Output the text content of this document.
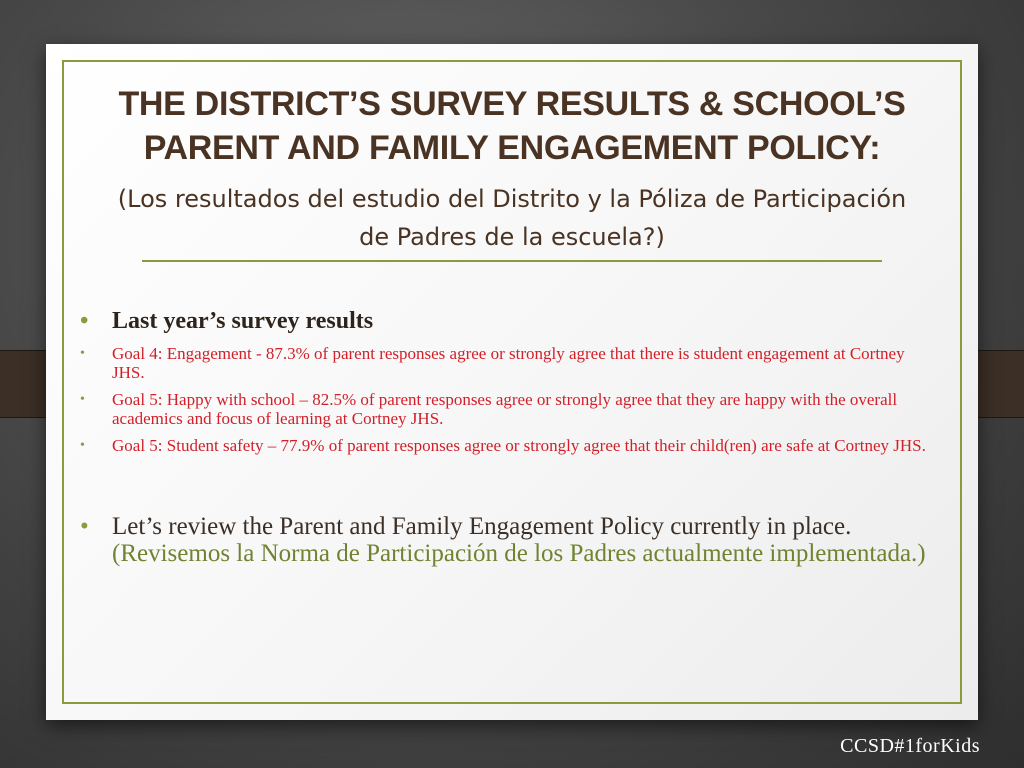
THE DISTRICT’S SURVEY RESULTS & SCHOOL’S PARENT AND FAMILY ENGAGEMENT POLICY:
(Los resultados del estudio del Distrito y la Póliza de Participación de Padres de la escuela?)
• Last year’s survey results
• Goal 4: Engagement - 87.3% of parent responses agree or strongly agree that there is student engagement at Cortney JHS.
• Goal 5: Happy with school – 82.5% of parent responses agree or strongly agree that they are happy with the overall academics and focus of learning at Cortney JHS.
• Goal 5: Student safety – 77.9% of parent responses agree or strongly agree that their child(ren) are safe at Cortney JHS.
• Let’s review the Parent and Family Engagement Policy currently in place. (Revisemos la Norma de Participación de los Padres actualmente implementada.)
CCSD#1forKids
